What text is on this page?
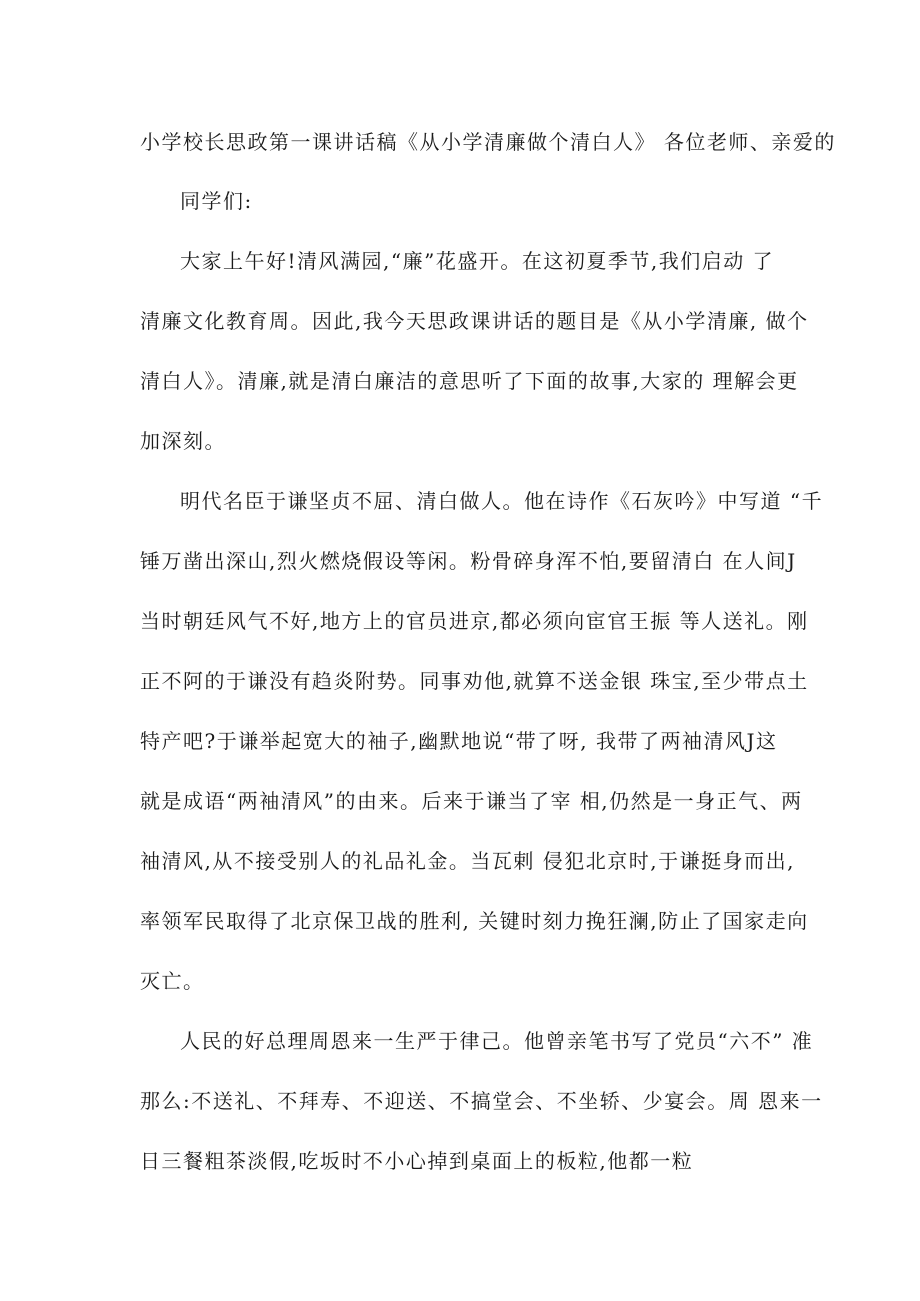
小学校长思政第一课讲话稿《从小学清廉做个清白人》 各位老师、亲爱的
同学们:
大家上午好!清风满园,“廉”花盛开。在这初夏季节,我们启动 了
清廉文化教育周。因此,我今天思政课讲话的题目是《从小学清廉, 做个
清白人》。清廉,就是清白廉洁的意思听了下面的故事,大家的 理解会更
加深刻。
明代名臣于谦坚贞不屈、清白做人。他在诗作《石灰吟》中写道 “千
锤万凿出深山,烈火燃烧假设等闲。粉骨碎身浑不怕,要留清白 在人间J
当时朝廷风气不好,地方上的官员进京,都必须向宦官王振 等人送礼。刚
正不阿的于谦没有趋炎附势。同事劝他,就算不送金银 珠宝,至少带点土
特产吧?于谦举起宽大的袖子,幽默地说“带了呀, 我带了两袖清风J这
就是成语“两袖清风”的由来。后来于谦当了宰 相,仍然是一身正气、两
袖清风,从不接受别人的礼品礼金。当瓦剌 侵犯北京时,于谦挺身而出,
率领军民取得了北京保卫战的胜利, 关键时刻力挽狂澜,防止了国家走向
灭亡。
人民的好总理周恩来一生严于律己。他曾亲笔书写了党员“六不” 准
那么:不送礼、不拜寿、不迎送、不搞堂会、不坐轿、少宴会。周 恩来一
日三餐粗茶淡假,吃坂时不小心掉到桌面上的板粒,他都一粒
